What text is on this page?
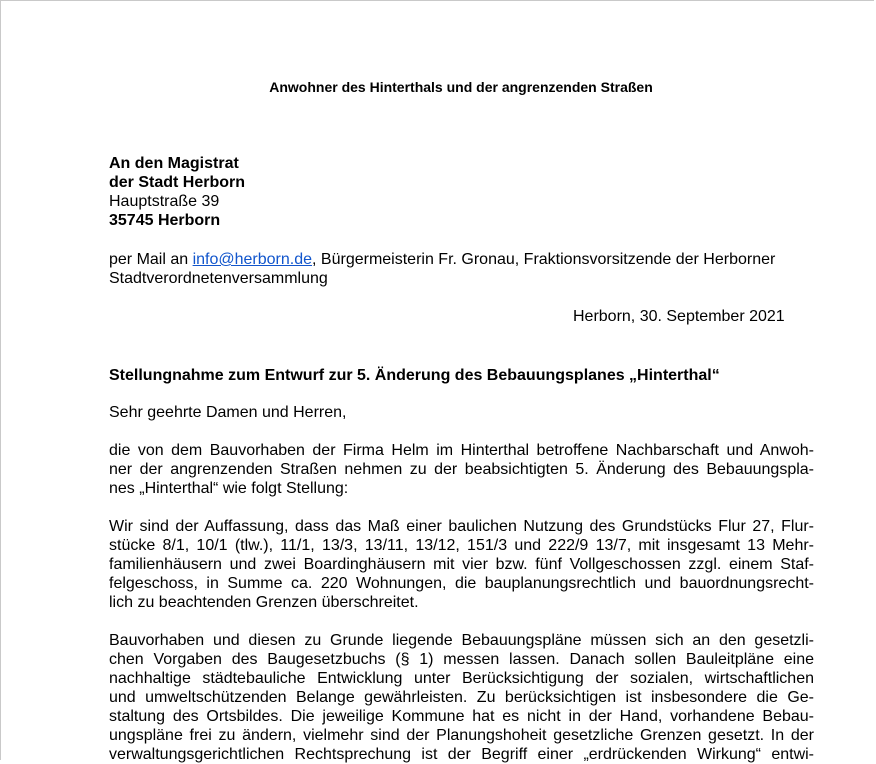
Anwohner des Hinterthals und der angrenzenden Straßen
An den Magistrat
der Stadt Herborn
Hauptstraße 39
35745 Herborn
per Mail an info@herborn.de, Bürgermeisterin Fr. Gronau, Fraktionsvorsitzende der Herborner
Stadtverordnetenversammlung
Herborn, 30. September 2021
Stellungnahme zum Entwurf zur 5. Änderung des Bebauungsplanes „Hinterthal“
Sehr geehrte Damen und Herren,
die von dem Bauvorhaben der Firma Helm im Hinterthal betroffene Nachbarschaft und Anwoh-
ner der angrenzenden Straßen nehmen zu der beabsichtigten 5. Änderung des Bebauungspla-
nes „Hinterthal“ wie folgt Stellung:
Wir sind der Auffassung, dass das Maß einer baulichen Nutzung des Grundstücks Flur 27, Flur-
stücke 8/1, 10/1 (tlw.), 11/1, 13/3, 13/11, 13/12, 151/3 und 222/9 13/7, mit insgesamt 13 Mehr-
familienhäusern und zwei Boardinghäusern mit vier bzw. fünf Vollgeschossen zzgl. einem Staf-
felgeschoss, in Summe ca. 220 Wohnungen, die bauplanungsrechtlich und bauordnungsrecht-
lich zu beachtenden Grenzen überschreitet.
Bauvorhaben und diesen zu Grunde liegende Bebauungspläne müssen sich an den gesetzli-
chen Vorgaben des Baugesetzbuchs (§ 1) messen lassen. Danach sollen Bauleitpläne eine
nachhaltige städtebauliche Entwicklung unter Berücksichtigung der sozialen, wirtschaftlichen
und umweltschützenden Belange gewährleisten. Zu berücksichtigen ist insbesondere die Ge-
staltung des Ortsbildes. Die jeweilige Kommune hat es nicht in der Hand, vorhandene Bebau-
ungspläne frei zu ändern, vielmehr sind der Planungshoheit gesetzliche Grenzen gesetzt. In der
verwaltungsgerichtlichen Rechtsprechung ist der Begriff einer „erdrückenden Wirkung“ entwi-
